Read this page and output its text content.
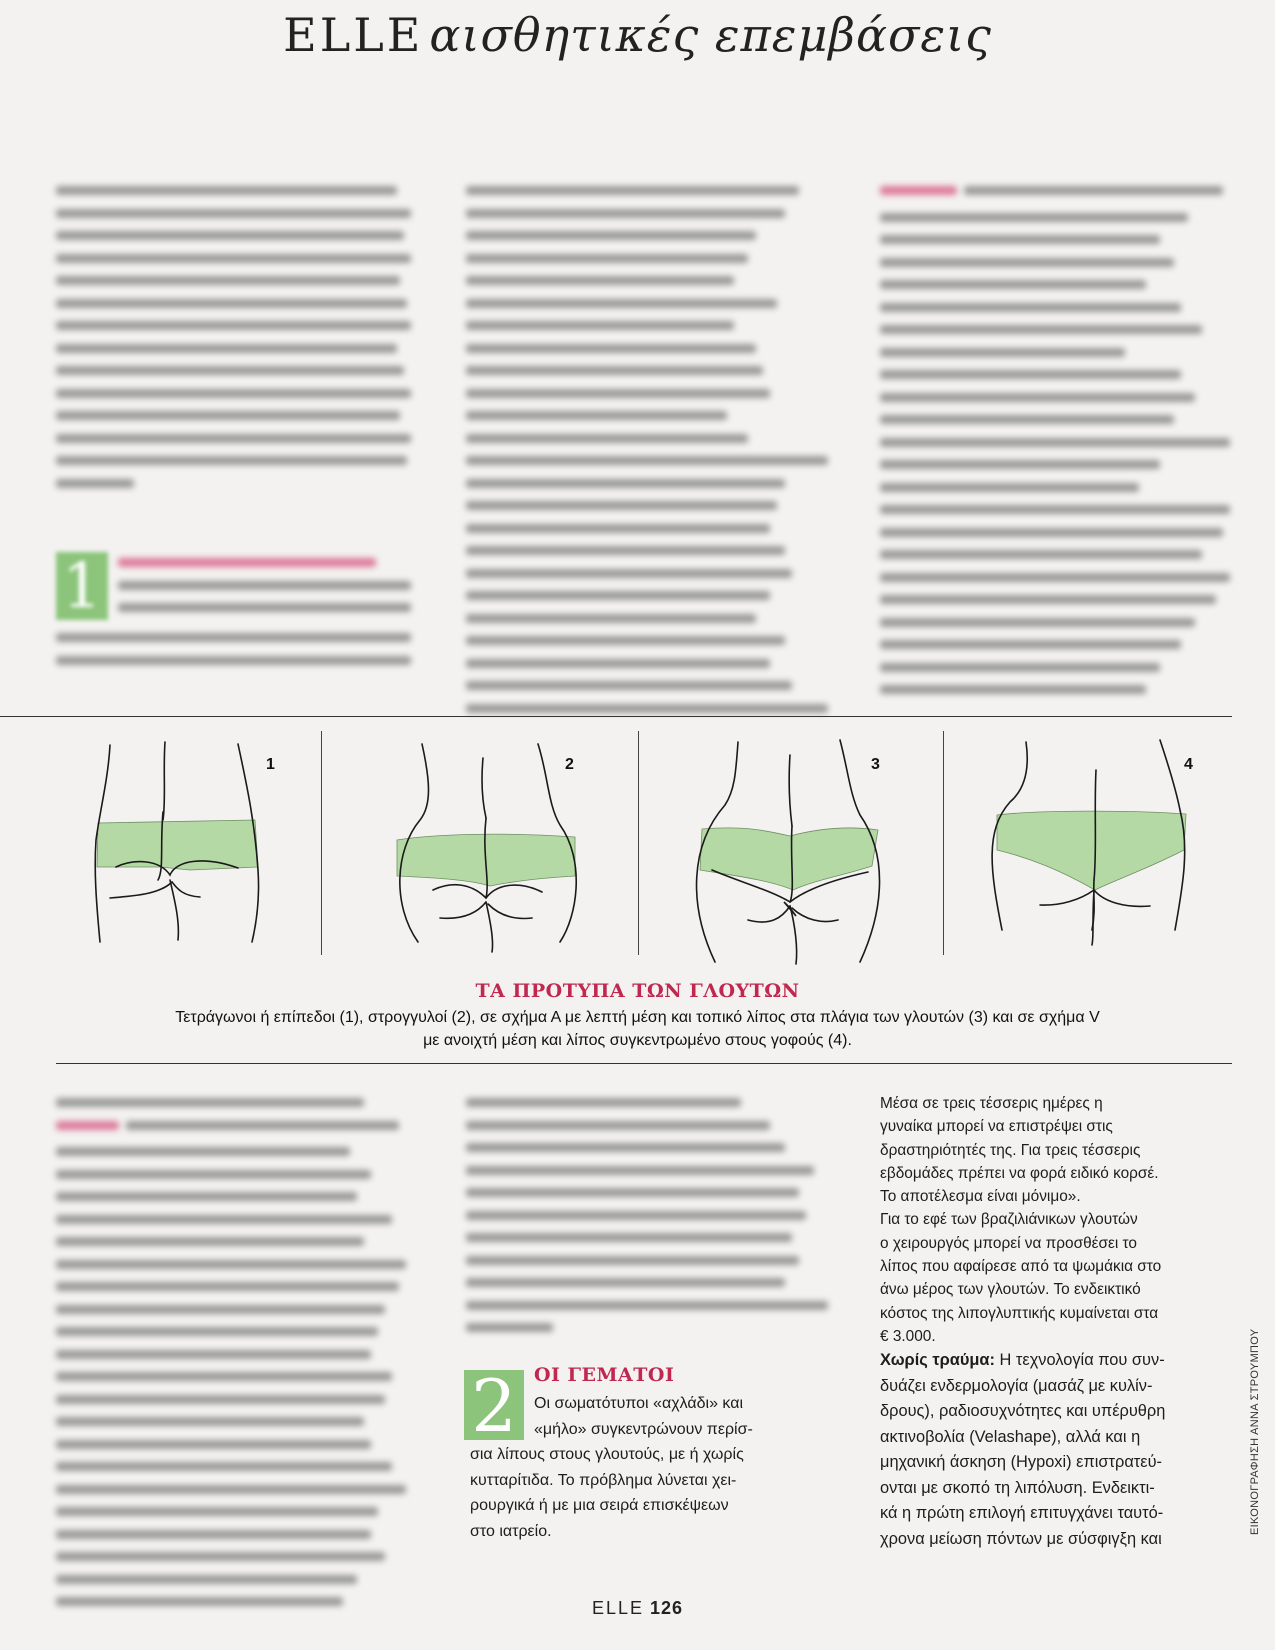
ELLE αισθητικές επεμβάσεις
1
1	2	3	4
ΤΑ ΠΡΟΤΥΠΑ ΤΩΝ ΓΛΟΥΤΩΝ
Τετράγωνοι ή επίπεδοι (1), στρογγυλοί (2), σε σχήμα Α με λεπτή μέση και τοπικό λίπος στα πλάγια των γλουτών (3) και σε σχήμα V
με ανοιχτή μέση και λίπος συγκεντρωμένο στους γοφούς (4).
2 ΟΙ ΓΕΜΑΤΟΙ
Οι σωματότυποι «αχλάδι» και
«μήλο» συγκεντρώνουν περίσ-
σια λίπους στους γλουτούς, με ή χωρίς
κυτταρίτιδα. Το πρόβλημα λύνεται χει-
ρουργικά ή με μια σειρά επισκέψεων
στο ιατρείο.

Μέσα σε τρεις τέσσερις ημέρες η

γυναίκα μπορεί να επιστρέψει στις

δραστηριότητές της. Για τρεις τέσσερις

εβδομάδες πρέπει να φορά ειδικό κορσέ.

Το αποτέλεσμα είναι μόνιμο».

Για το εφέ των βραζιλιάνικων γλουτών

ο χειρουργός μπορεί να προσθέσει το

λίπος που αφαίρεσε από τα ψωμάκια στο

άνω μέρος των γλουτών. Το ενδεικτικό

κόστος της λιπογλυπτικής κυμαίνεται στα

€ 3.000.

Χωρίς τραύμα: Η τεχνολογία που συν-

δυάζει ενδερμολογία (μασάζ με κυλίν-

δρους), ραδιοσυχνότητες και υπέρυθρη

ακτινοβολία (Velashape), αλλά και η

μηχανική άσκηση (Hypoxi) επιστρατεύ-

ονται με σκοπό τη λιπόλυση. Ενδεικτι-

κά η πρώτη επιλογή επιτυγχάνει ταυτό-

χρονα μείωση πόντων με σύσφιγξη και

ΕΙΚΟΝΟΓΡΑΦΗΣΗ ΑΝΝΑ ΣΤΡΟΥΜΠΟΥ
ELLE 126
